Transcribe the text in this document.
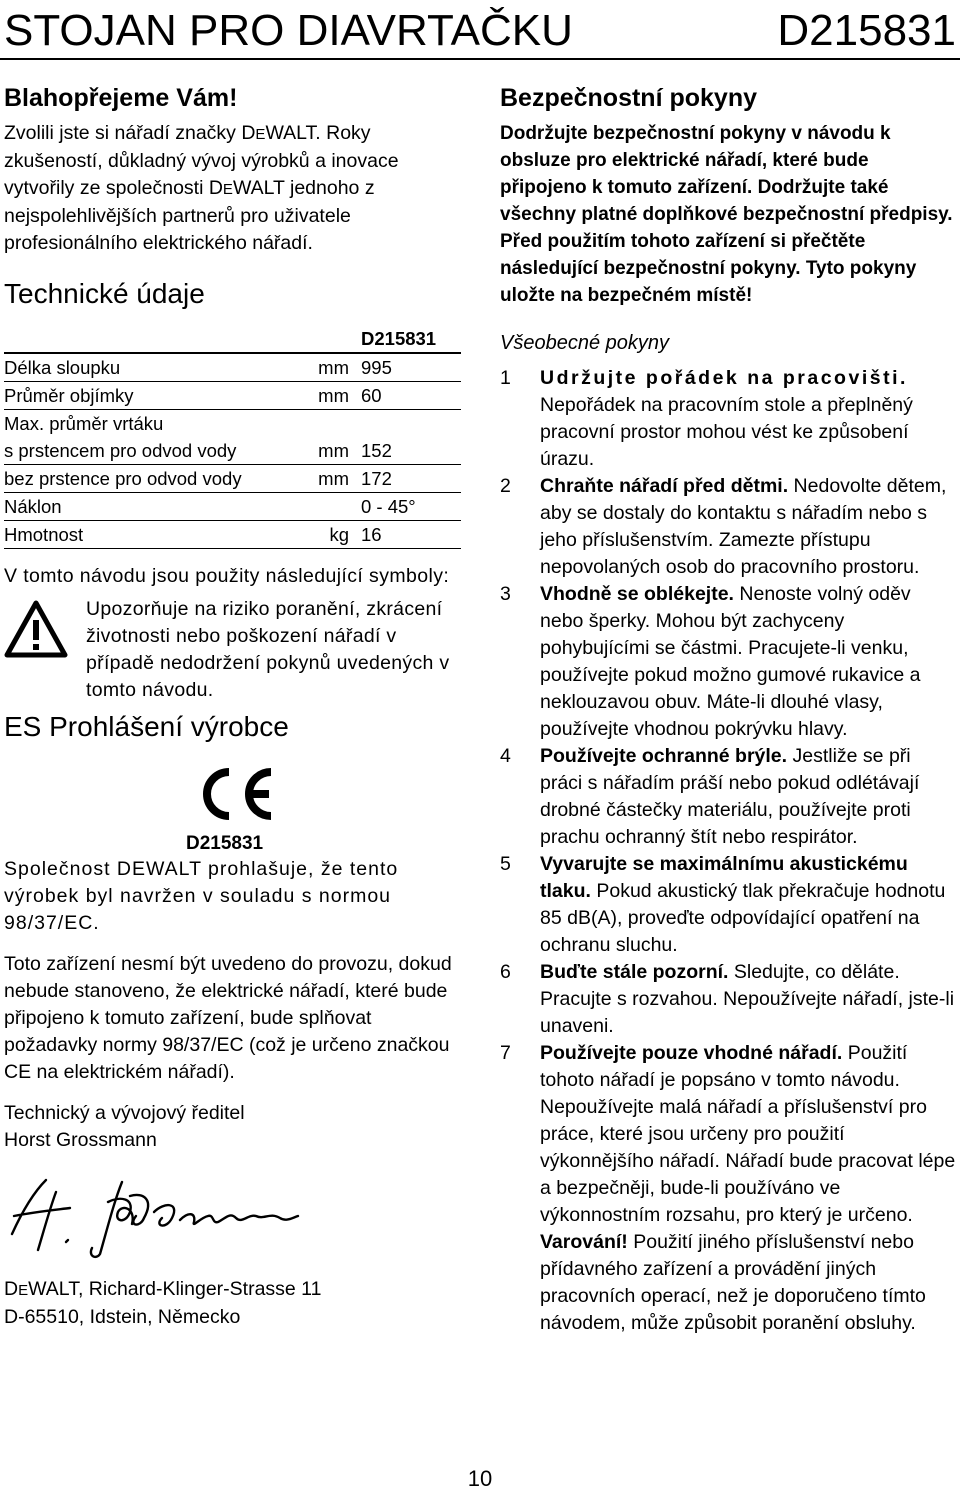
STOJAN PRO DIAVRTAČKU	D215831
Blahopřejeme Vám!

Zvolili jste si nářadí značky DEWALT. Roky zkušeností, důkladný vývoj výrobků a inovace vytvořily ze společnosti DEWALT jednoho z nejspolehlivějších partnerů pro uživatele profesionálního elektrického nářadí.

Technické údaje
		D215831
Délka sloupku	mm	995
Průměr objímky	mm	60
Max. průměr vrtáku		
s prstencem pro odvod vody	mm	152
bez prstence pro odvod vody	mm	172
Náklon		0 - 45°
Hmotnost	kg	16

V tomto návodu jsou použity následující symboly:

Upozorňuje na riziko poranění, zkrácení životnosti nebo poškození nářadí v případě nedodržení pokynů uvedených v tomto návodu.

ES Prohlášení výrobce
D215831

Společnost DEWALT prohlašuje, že tento výrobek byl navržen v souladu s normou 98/37/EC.

Toto zařízení nesmí být uvedeno do provozu, dokud nebude stanoveno, že elektrické nářadí, které bude připojeno k tomuto zařízení, bude splňovat požadavky normy 98/37/EC (což je určeno značkou CE na elektrickém nářadí).

Technický a vývojový ředitel

Horst Grossmann

DEWALT, Richard-Klinger-Strasse 11

D-65510, Idstein, Německo

Bezpečnostní pokyny

Dodržujte bezpečnostní pokyny v návodu k obsluze pro elektrické nářadí, které bude připojeno k tomuto zařízení. Dodržujte také všechny platné doplňkové bezpečnostní předpisy. Před použitím tohoto zařízení si přečtěte následující bezpečnostní pokyny. Tyto pokyny uložte na bezpečném místě!

Všeobecné pokyny
1 Udržujte pořádek na pracovišti. Nepořádek na pracovním stole a přeplněný pracovní prostor mohou vést ke způsobení úrazu.
2 Chraňte nářadí před dětmi. Nedovolte dětem, aby se dostaly do kontaktu s nářadím nebo s jeho příslušenstvím. Zamezte přístupu nepovolaných osob do pracovního prostoru.
3 Vhodně se oblékejte. Nenoste volný oděv nebo šperky. Mohou být zachyceny pohybujícími se částmi. Pracujete-li venku, používejte pokud možno gumové rukavice a neklouzavou obuv. Máte-li dlouhé vlasy, používejte vhodnou pokrývku hlavy.
4 Používejte ochranné brýle. Jestliže se při práci s nářadím práší nebo pokud odlétávají drobné částečky materiálu, používejte proti prachu ochranný štít nebo respirátor.
5 Vyvarujte se maximálnímu akustickému tlaku. Pokud akustický tlak překračuje hodnotu 85 dB(A), proveďte odpovídající opatření na ochranu sluchu.
6 Buďte stále pozorní. Sledujte, co děláte. Pracujte s rozvahou. Nepoužívejte nářadí, jste-li unaveni.
7 Používejte pouze vhodné nářadí. Použití tohoto nářadí je popsáno v tomto návodu. Nepoužívejte malá nářadí a příslušenství pro práce, které jsou určeny pro použití výkonnějšího nářadí. Nářadí bude pracovat lépe a bezpečněji, bude-li používáno ve výkonnostním rozsahu, pro který je určeno.
Varování! Použití jiného příslušenství nebo přídavného zařízení a provádění jiných pracovních operací, než je doporučeno tímto návodem, může způsobit poranění obsluhy.
10
